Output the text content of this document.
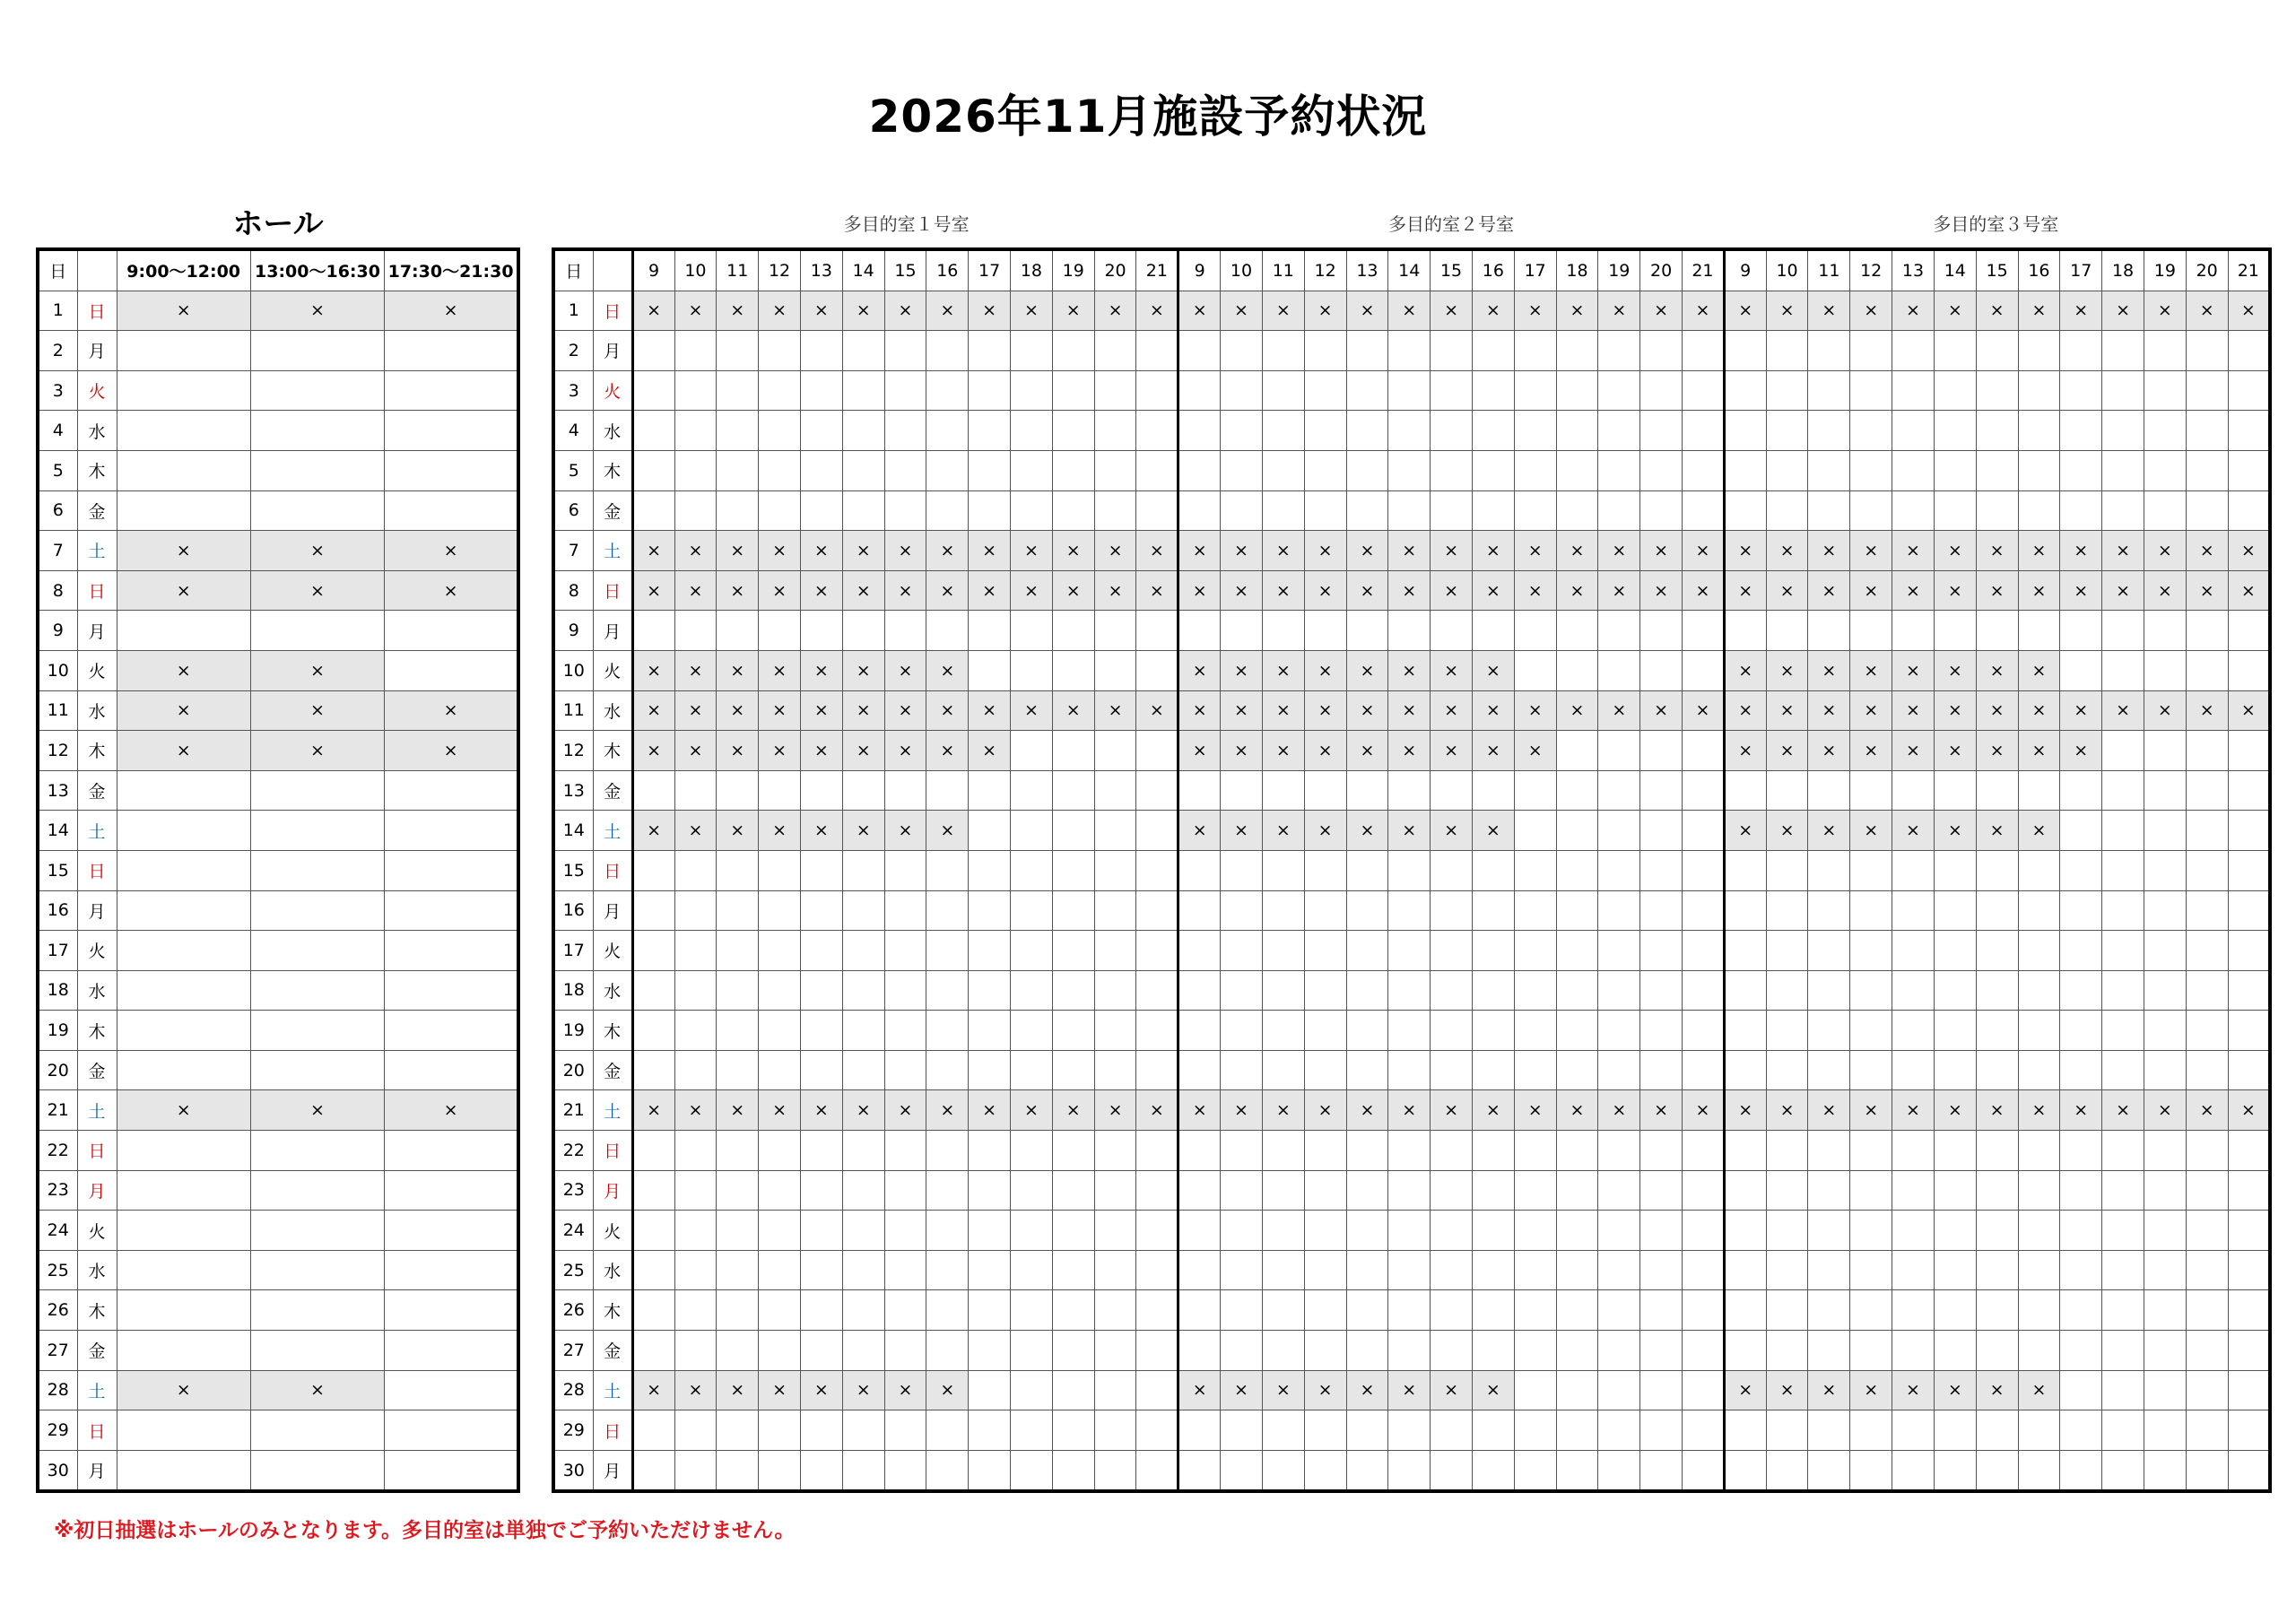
2026年11月施設予約状況
ホール	多目的室１号室	多目的室２号室	多目的室３号室
日		9:00～12:00	13:00～16:30	17:30～21:30
1	日	×	×	×
2	月			
3	火			
4	水			
5	木			
6	金			
7	土	×	×	×
8	日	×	×	×
9	月			
10	火	×	×	
11	水	×	×	×
12	木	×	×	×
13	金			
14	土			
15	日			
16	月			
17	火			
18	水			
19	木			
20	金			
21	土	×	×	×
22	日			
23	月			
24	火			
25	水			
26	木			
27	金			
28	土	×	×	
29	日			
30	月			
日		9	10	11	12	13	14	15	16	17	18	19	20	21	9	10	11	12	13	14	15	16	17	18	19	20	21	9	10	11	12	13	14	15	16	17	18	19	20	21
1	日	×	×	×	×	×	×	×	×	×	×	×	×	×	×	×	×	×	×	×	×	×	×	×	×	×	×	×	×	×	×	×	×	×	×	×	×	×	×	×
2	月																																							
3	火																																							
4	水																																							
5	木																																							
6	金																																							
7	土	×	×	×	×	×	×	×	×	×	×	×	×	×	×	×	×	×	×	×	×	×	×	×	×	×	×	×	×	×	×	×	×	×	×	×	×	×	×	×
8	日	×	×	×	×	×	×	×	×	×	×	×	×	×	×	×	×	×	×	×	×	×	×	×	×	×	×	×	×	×	×	×	×	×	×	×	×	×	×	×
9	月																																							
10	火	×	×	×	×	×	×	×	×						×	×	×	×	×	×	×	×						×	×	×	×	×	×	×	×					
11	水	×	×	×	×	×	×	×	×	×	×	×	×	×	×	×	×	×	×	×	×	×	×	×	×	×	×	×	×	×	×	×	×	×	×	×	×	×	×	×
12	木	×	×	×	×	×	×	×	×	×					×	×	×	×	×	×	×	×	×					×	×	×	×	×	×	×	×	×				
13	金																																							
14	土	×	×	×	×	×	×	×	×						×	×	×	×	×	×	×	×						×	×	×	×	×	×	×	×					
15	日																																							
16	月																																							
17	火																																							
18	水																																							
19	木																																							
20	金																																							
21	土	×	×	×	×	×	×	×	×	×	×	×	×	×	×	×	×	×	×	×	×	×	×	×	×	×	×	×	×	×	×	×	×	×	×	×	×	×	×	×
22	日																																							
23	月																																							
24	火																																							
25	水																																							
26	木																																							
27	金																																							
28	土	×	×	×	×	×	×	×	×						×	×	×	×	×	×	×	×						×	×	×	×	×	×	×	×					
29	日																																							
30	月																																							
※初日抽選はホールのみとなります。多目的室は単独でご予約いただけません。
